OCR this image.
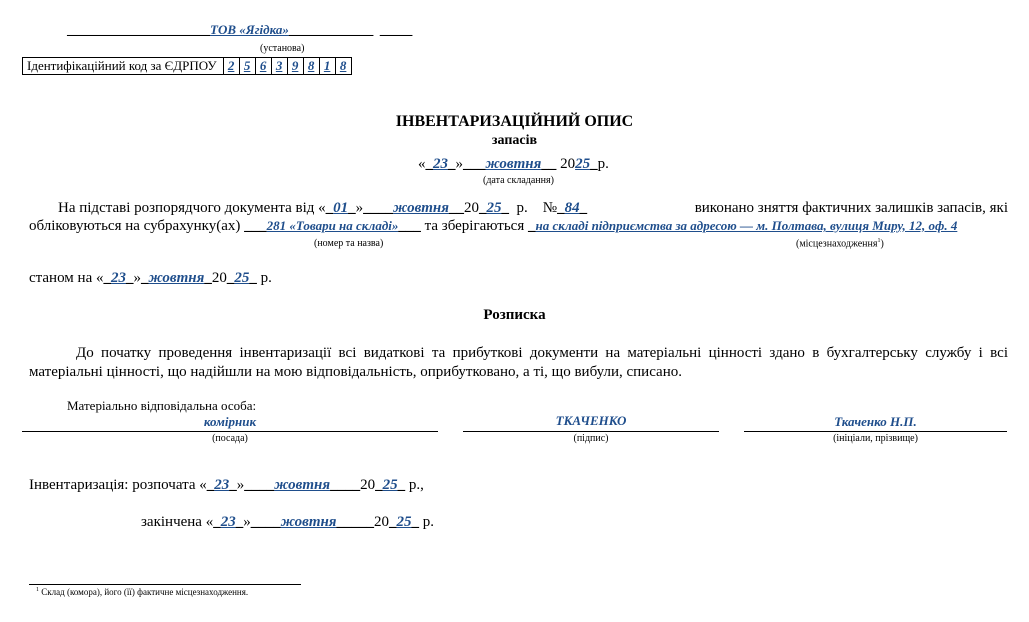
______________________ТОВ «Ягідка»_____________ _____
(установа)
Ідентифікаційний код за ЄДРПОУ	2	5	6	3	9	8	1	8
ІНВЕНТАРИЗАЦІЙНИЙ ОПИС
запасів
«_23_»___жовтня__ 2025_р.
(дата складання)
На підставі розпорядчого документа від «_01_»____жовтня__20_25_ р. №_84_	виконано зняття фактичних залишків запасів, які
обліковуються на субрахунку(ах) ___281 «Товари на складі»___ та зберігаються _на складі підприємства за адресою — м. Полтава, вулиця Миру, 12, оф. 4
(номер та назва)	(місцезнаходження$^1$)
станом на «_23_»_жовтня_20_25_ р.
Розписка
До початку проведення інвентаризації всі видаткові та прибуткові документи на матеріальні цінності здано в бухгалтерську службу і всі
матеріальні цінності, що надійшли на мою відповідальність, оприбутковано, а ті, що вибули, списано.
Матеріально відповідальна особа:
комірник
(посада)
ТКАЧЕНКО
(підпис)
Ткаченко Н.П.
(ініціали, прізвище)
Інвентаризація: розпочата «_23_»____жовтня____20_25_ р.,
закінчена «_23_»____жовтня_____20_25_ р.
$^1$ Склад (комора), його (її) фактичне місцезнаходження.
